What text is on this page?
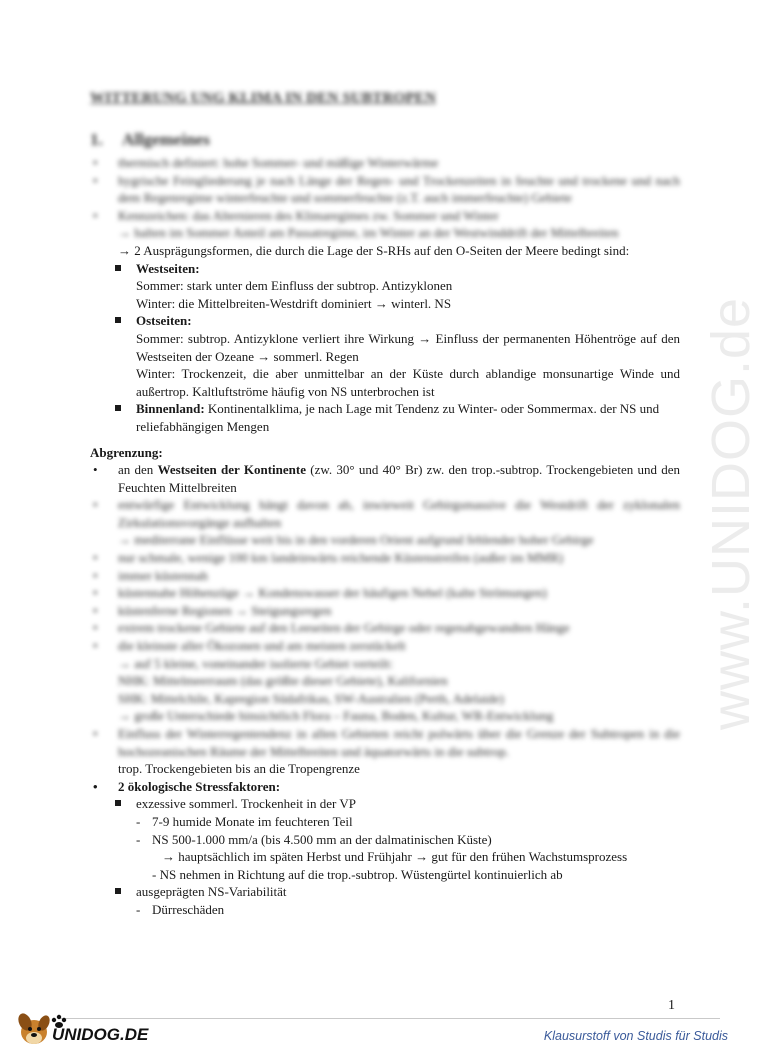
WITTERUNG UNG KLIMA IN DEN SUBTROPEN
1. Allgemeines
• thermisch definiert: hohe Sommer- und mäßige Winterwärme
• hygrische Feingliederung je nach Länge der Regen- und Trockenzeiten in feuchte und trockene und nach dem Regenregime winterfeuchte und sommerfeuchte (z.T. auch immerfeuchte) Gebiete
• Kennzeichen: das Alternieren des Klimaregimes zw. Sommer und Winter
→ halten im Sommer Anteil am Passatregime, im Winter an der Westwinddrift der Mittelbreiten
→ 2 Ausprägungsformen, die durch die Lage der S-RHs auf den O-Seiten der Meere bedingt sind:
Westseiten:
Sommer: stark unter dem Einfluss der subtrop. Antizyklonen
Winter: die Mittelbreiten-Westdrift dominiert → winterl. NS
Ostseiten:
Sommer: subtrop. Antizyklone verliert ihre Wirkung → Einfluss der permanenten Höhentröge auf den Westseiten der Ozeane → sommerl. Regen
Winter: Trockenzeit, die aber unmittelbar an der Küste durch ablandige monsunartige Winde und außertrop. Kaltluftströme häufig von NS unterbrochen ist
Binnenland: Kontinentalklima, je nach Lage mit Tendenz zu Winter- oder Sommermax. der NS und reliefabhängigen Mengen
Abgrenzung:
• an den Westseiten der Kontinente (zw. 30° und 40° Br) zw. den trop.-subtrop. Trockengebieten und den Feuchten Mittelbreiten
• entwürfige Entwicklung hängt davon ab, inwieweit Gebirgsmassive die Westdrift der zyklonalen Zirkulationsvorgänge aufhalten
→ mediterrane Einflüsse weit bis in den vorderen Orient aufgrund fehlender hoher Gebirge
• nur schmale, wenige 100 km landeinwärts reichende Küstenstreifen (außer im MMR)
• immer küstennah
• küstennahe Höhenzüge → Kondenswasser der häufigen Nebel (kalte Strömungen)
• küstenferne Regionen → Steigungsregen
• extrem trockene Gebiete auf den Leeseiten der Gebirge oder regenabgewandten Hänge
• die kleinste aller Ökozonen und am meisten zerstückelt
→ auf 5 kleine, voneinander isolierte Gebiet verteilt:
NHK: Mittelmeerraum (das größte dieser Gebiete), Kalifornien
SHK: Mittelchile, Kapregion Südafrikas, SW-Australien (Perth, Adelaide)
→ große Unterschiede hinsichtlich Flora – Fauna, Boden, Kultur, WR-Entwicklung
• Einfluss der Winterregentendenz in allen Gebieten reicht polwärts über die Grenze der Subtropen in die hochozeanischen Räume der Mittelbreiten und äquatorwärts in die subtrop.
trop. Trockengebieten bis an die Tropengrenze
• 2 ökologische Stressfaktoren:
exzessive sommerl. Trockenheit in der VP
- 7-9 humide Monate im feuchteren Teil
- NS 500-1.000 mm/a (bis 4.500 mm an der dalmatinischen Küste)
→ hauptsächlich im späten Herbst und Frühjahr → gut für den frühen Wachstumsprozess
- NS nehmen in Richtung auf die trop.-subtrop. Wüstengürtel kontinuierlich ab
ausgeprägten NS-Variabilität
- Dürreschäden
www.UNIDOG.de
1
UNIDOG.DE	Klausurstoff von Studis für Studis
